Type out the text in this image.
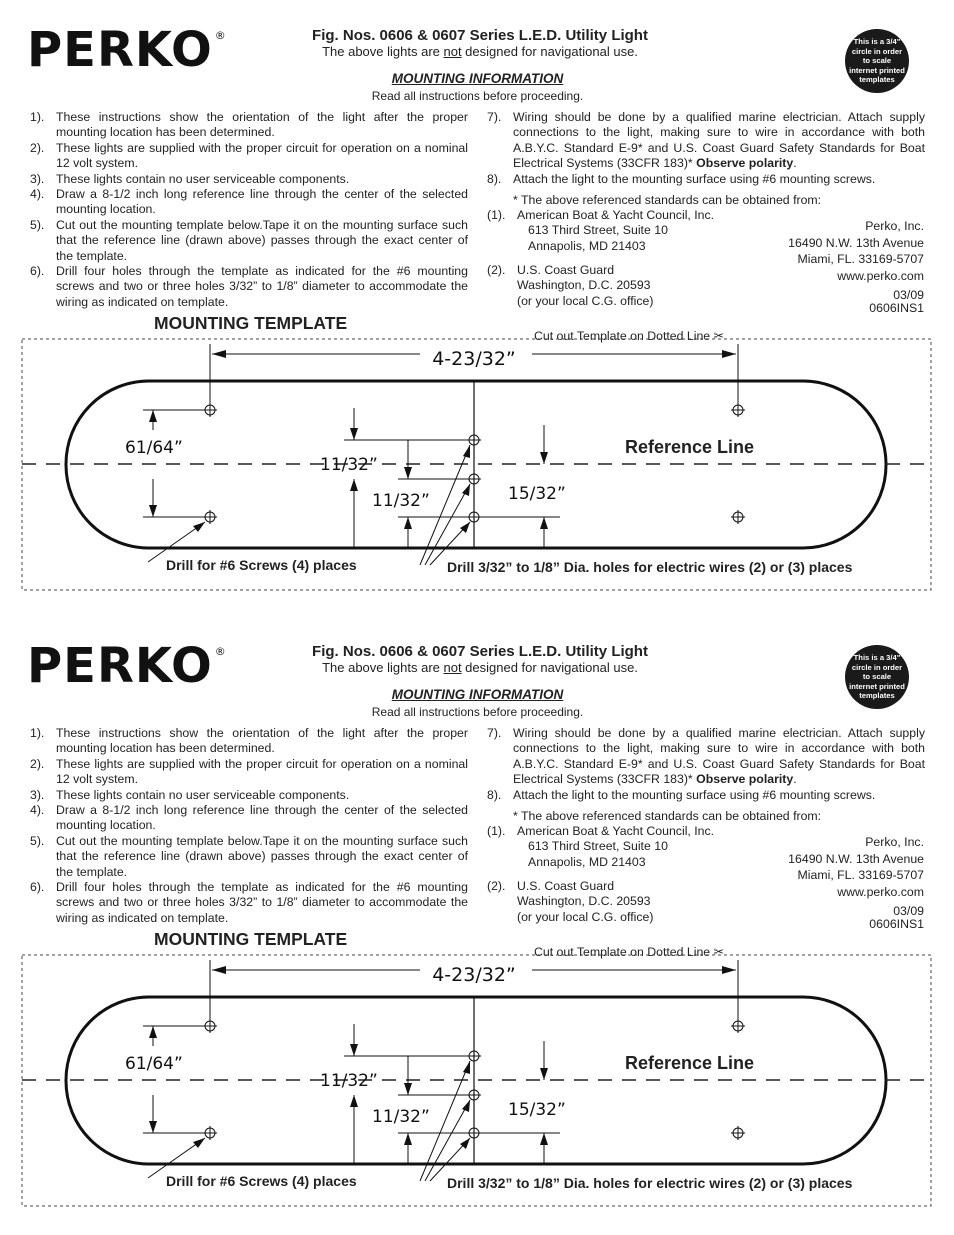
PERKO ®	Fig. Nos. 0606 & 0607 Series L.E.D. Utility Light
The above lights are not designed for navigational use.
This is a 3/4" circle in order to scale internet printed templates
MOUNTING INFORMATION
Read all instructions before proceeding.
1). These instructions show the orientation of the light after the proper mounting location has been determined.
2). These lights are supplied with the proper circuit for operation on a nominal 12 volt system.
3). These lights contain no user serviceable components.
4). Draw a 8-1/2 inch long reference line through the center of the selected mounting location.
5). Cut out the mounting template below.Tape it on the mounting surface such that the reference line (drawn above) passes through the exact center of the template.
6). Drill four holes through the template as indicated for the #6 mounting screws and two or three holes 3/32” to 1/8” diameter to accommodate the wiring as indicated on template.
7). Wiring should be done by a qualified marine electrician. Attach supply connections to the light, making sure to wire in accordance with both A.B.Y.C. Standard E-9* and U.S. Coast Guard Safety Standards for Boat Electrical Systems (33CFR 183)* Observe polarity.
8). Attach the light to the mounting surface using #6 mounting screws.
* The above referenced standards can be obtained from:
(1). American Boat & Yacht Council, Inc.
613 Third Street, Suite 10
Annapolis, MD 21403
(2). U.S. Coast Guard
Washington, D.C. 20593
(or your local C.G. office)
Perko, Inc.
16490 N.W. 13th Avenue
Miami, FL. 33169-5707
www.perko.com
03/09
0606INS1
MOUNTING TEMPLATE
Cut out Template on Dotted Line ✂
4-23/32”
61/64”
11/32”
11/32”	15/32”
Reference Line
Drill for #6 Screws (4) places	Drill 3/32” to 1/8” Dia. holes for electric wires (2) or (3) places
PERKO ®	Fig. Nos. 0606 & 0607 Series L.E.D. Utility Light
The above lights are not designed for navigational use.
This is a 3/4" circle in order to scale internet printed templates
MOUNTING INFORMATION
Read all instructions before proceeding.
1). These instructions show the orientation of the light after the proper mounting location has been determined.
2). These lights are supplied with the proper circuit for operation on a nominal 12 volt system.
3). These lights contain no user serviceable components.
4). Draw a 8-1/2 inch long reference line through the center of the selected mounting location.
5). Cut out the mounting template below.Tape it on the mounting surface such that the reference line (drawn above) passes through the exact center of the template.
6). Drill four holes through the template as indicated for the #6 mounting screws and two or three holes 3/32” to 1/8” diameter to accommodate the wiring as indicated on template.
7). Wiring should be done by a qualified marine electrician. Attach supply connections to the light, making sure to wire in accordance with both A.B.Y.C. Standard E-9* and U.S. Coast Guard Safety Standards for Boat Electrical Systems (33CFR 183)* Observe polarity.
8). Attach the light to the mounting surface using #6 mounting screws.
* The above referenced standards can be obtained from:
(1). American Boat & Yacht Council, Inc.
613 Third Street, Suite 10
Annapolis, MD 21403
(2). U.S. Coast Guard
Washington, D.C. 20593
(or your local C.G. office)
Perko, Inc.
16490 N.W. 13th Avenue
Miami, FL. 33169-5707
www.perko.com
03/09
0606INS1
MOUNTING TEMPLATE
Cut out Template on Dotted Line ✂
4-23/32”
61/64”
11/32”
11/32”	15/32”
Reference Line
Drill for #6 Screws (4) places	Drill 3/32” to 1/8” Dia. holes for electric wires (2) or (3) places
